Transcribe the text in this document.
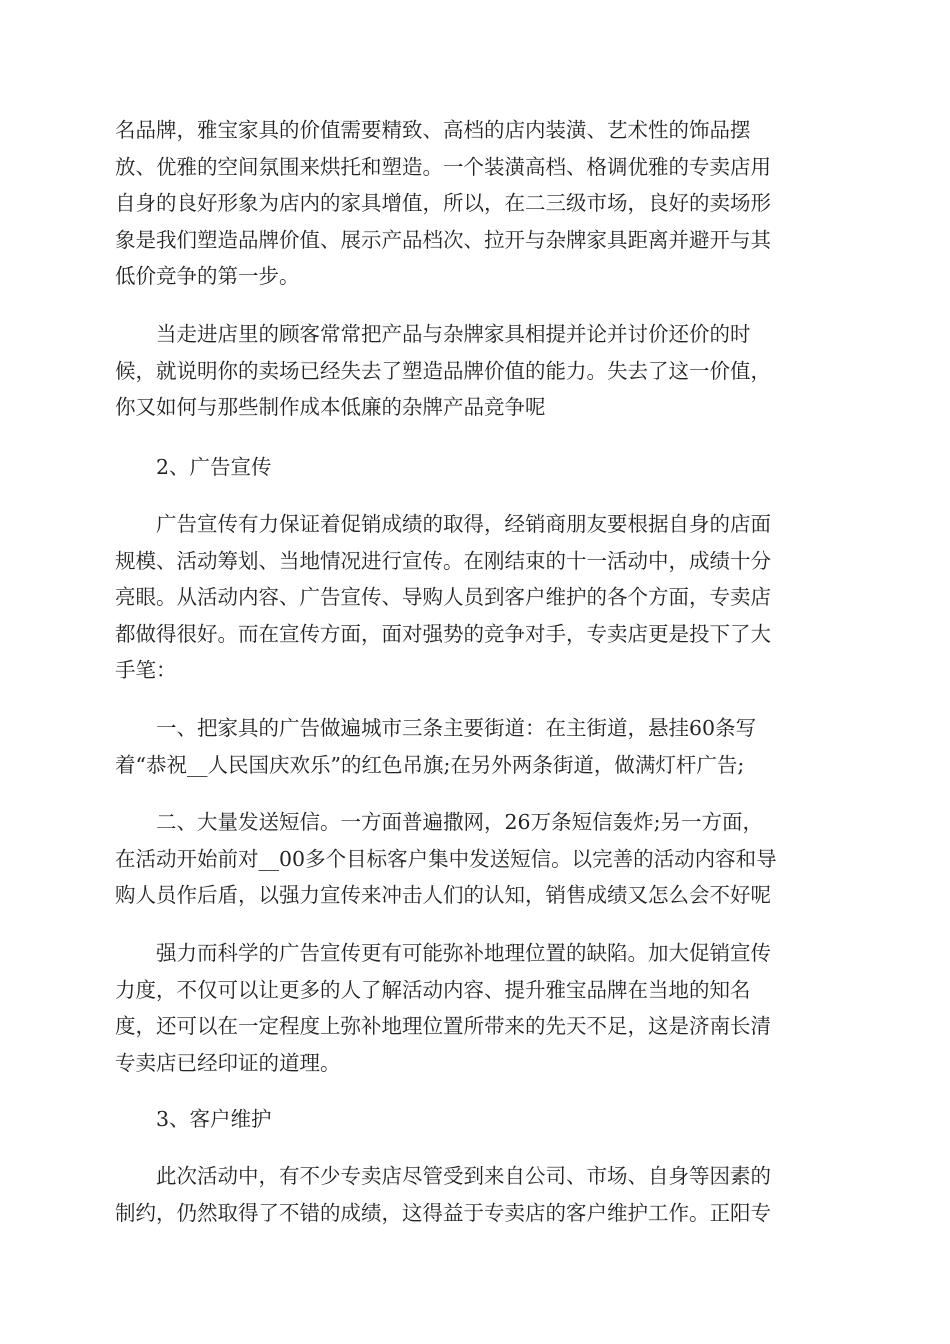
名品牌，雅宝家具的价值需要精致、高档的店内装潢、艺术性的饰品摆
放、优雅的空间氛围来烘托和塑造。一个装潢高档、格调优雅的专卖店用
自身的良好形象为店内的家具增值，所以，在二三级市场，良好的卖场形
象是我们塑造品牌价值、展示产品档次、拉开与杂牌家具距离并避开与其
低价竞争的第一步。

　　当走进店里的顾客常常把产品与杂牌家具相提并论并讨价还价的时
候，就说明你的卖场已经失去了塑造品牌价值的能力。失去了这一价值，
你又如何与那些制作成本低廉的杂牌产品竞争呢

　　2、广告宣传

　　广告宣传有力保证着促销成绩的取得，经销商朋友要根据自身的店面
规模、活动筹划、当地情况进行宣传。在刚结束的十一活动中，成绩十分
亮眼。从活动内容、广告宣传、导购人员到客户维护的各个方面，专卖店
都做得很好。而在宣传方面，面对强势的竞争对手，专卖店更是投下了大
手笔：

　　一、把家具的广告做遍城市三条主要街道：在主街道，悬挂60条写
着“恭祝__人民国庆欢乐”的红色吊旗;在另外两条街道，做满灯杆广告;

　　二、大量发送短信。一方面普遍撒网，26万条短信轰炸;另一方面，
在活动开始前对__00多个目标客户集中发送短信。以完善的活动内容和导
购人员作后盾，以强力宣传来冲击人们的认知，销售成绩又怎么会不好呢

　　强力而科学的广告宣传更有可能弥补地理位置的缺陷。加大促销宣传
力度，不仅可以让更多的人了解活动内容、提升雅宝品牌在当地的知名
度，还可以在一定程度上弥补地理位置所带来的先天不足，这是济南长清
专卖店已经印证的道理。

　　3、客户维护

　　此次活动中，有不少专卖店尽管受到来自公司、市场、自身等因素的
制约，仍然取得了不错的成绩，这得益于专卖店的客户维护工作。正阳专
